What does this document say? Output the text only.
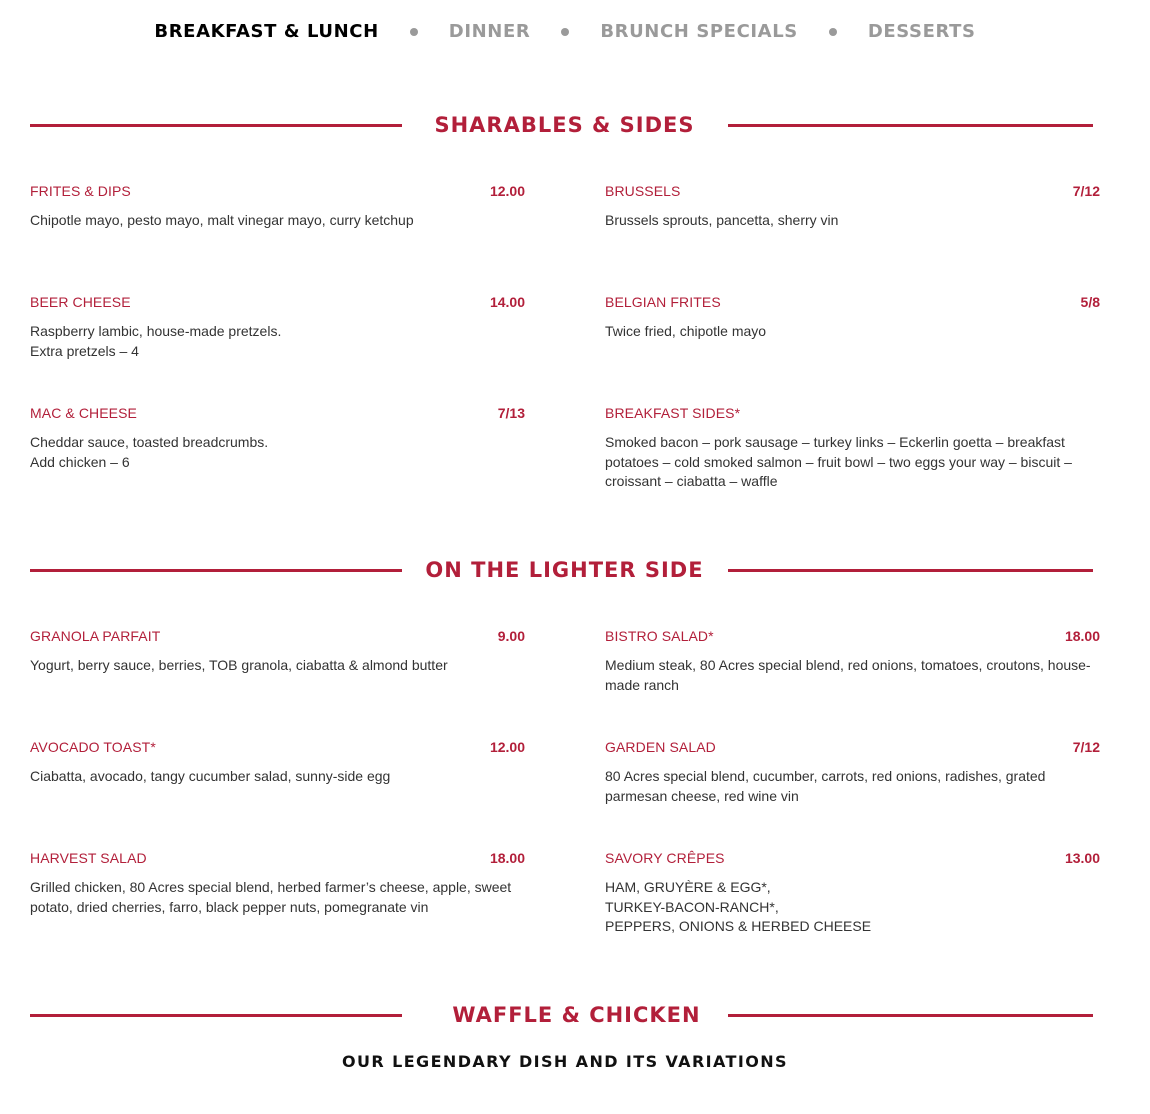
BREAKFAST & LUNCH	DINNER	BRUNCH SPECIALS	DESSERTS
SHARABLES & SIDES
FRITES & DIPS	12.00
Chipotle mayo, pesto mayo, malt vinegar mayo, curry ketchup
BRUSSELS	7/12
Brussels sprouts, pancetta, sherry vin
BEER CHEESE	14.00
Raspberry lambic, house-made pretzels.
Extra pretzels – 4
BELGIAN FRITES	5/8
Twice fried, chipotle mayo
MAC & CHEESE	7/13
Cheddar sauce, toasted breadcrumbs.
Add chicken – 6
BREAKFAST SIDES*
Smoked bacon – pork sausage – turkey links – Eckerlin goetta – breakfast potatoes – cold smoked salmon – fruit bowl – two eggs your way – biscuit – croissant – ciabatta – waffle
ON THE LIGHTER SIDE
GRANOLA PARFAIT	9.00
Yogurt, berry sauce, berries, TOB granola, ciabatta & almond butter
BISTRO SALAD*	18.00
Medium steak, 80 Acres special blend, red onions, tomatoes, croutons, house-made ranch
AVOCADO TOAST*	12.00
Ciabatta, avocado, tangy cucumber salad, sunny-side egg
GARDEN SALAD	7/12
80 Acres special blend, cucumber, carrots, red onions, radishes, grated parmesan cheese, red wine vin
HARVEST SALAD	18.00
Grilled chicken, 80 Acres special blend, herbed farmer’s cheese, apple, sweet potato, dried cherries, farro, black pepper nuts, pomegranate vin
SAVORY CRÊPES	13.00
HAM, GRUYÈRE & EGG*,
TURKEY-BACON-RANCH*,
PEPPERS, ONIONS & HERBED CHEESE
WAFFLE & CHICKEN
OUR LEGENDARY DISH AND ITS VARIATIONS
